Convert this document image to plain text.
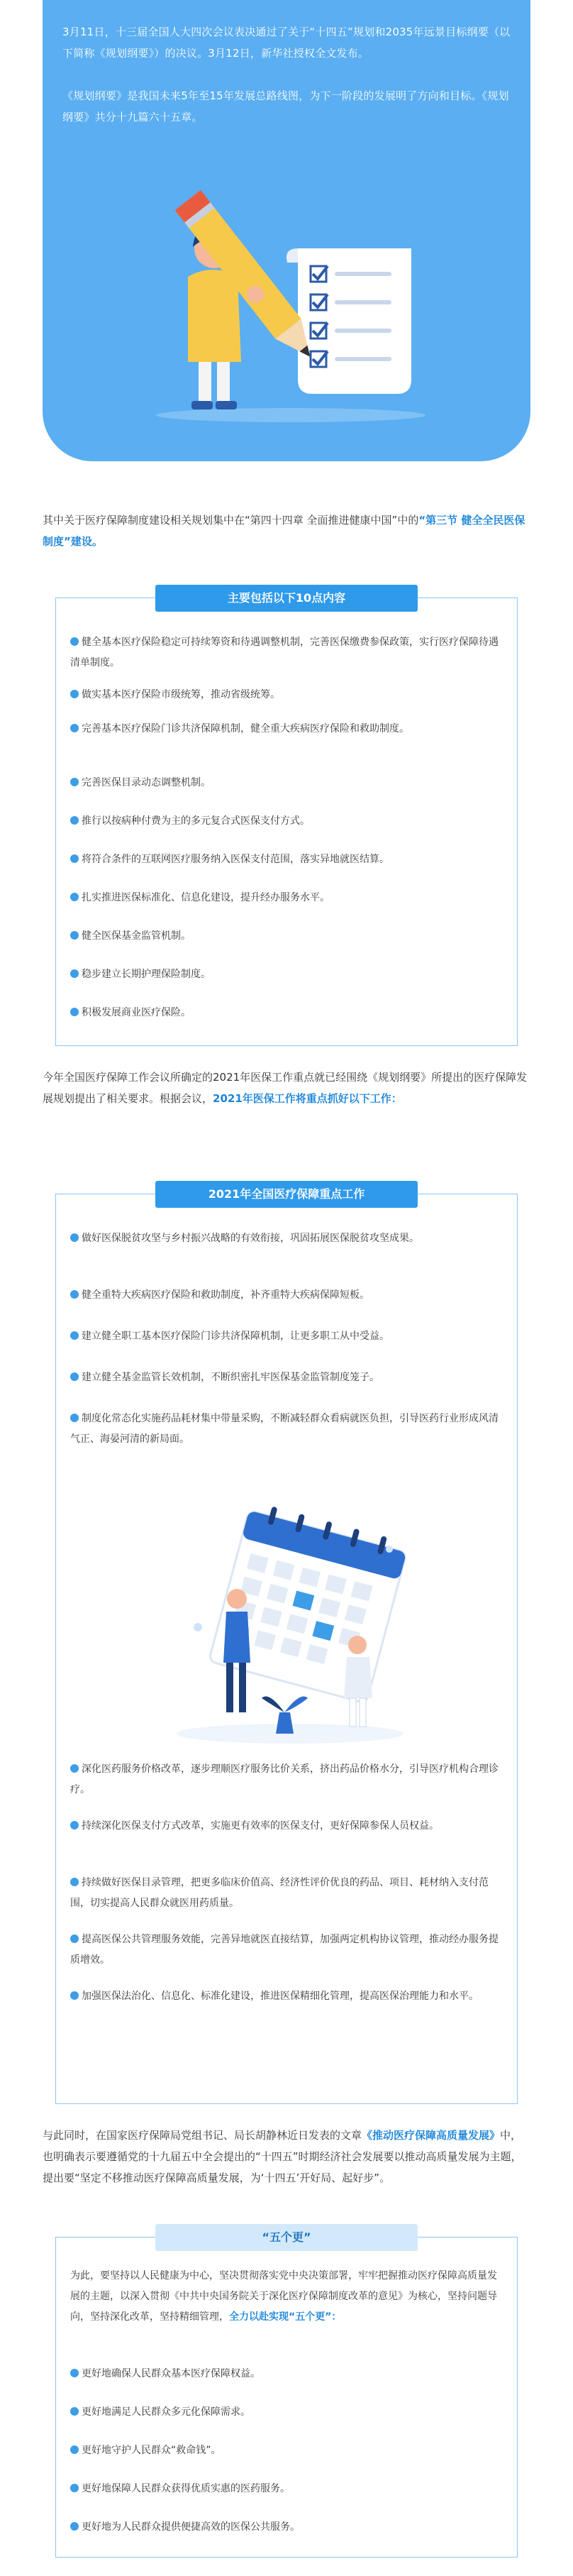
3月11日，十三届全国人大四次会议表决通过了关于“十四五”规划和2035年远景目标纲要（以下简称《规划纲要》）的决议。3月12日，新华社授权全文发布。

《规划纲要》是我国未来5年至15年发展总路线图，为下一阶段的发展明了方向和目标。《规划纲要》共分十九篇六十五章。

其中关于医疗保障制度建设相关规划集中在“第四十四章 全面推进健康中国”中的“第三节 健全全民医保制度”建设。

主要包括以下10点内容
健全基本医疗保险稳定可持续筹资和待遇调整机制，完善医保缴费参保政策，实行医疗保障待遇清单制度。
做实基本医疗保险市级统筹，推动省级统筹。
完善基本医疗保险门诊共济保障机制，健全重大疾病医疗保险和救助制度。
完善医保目录动态调整机制。
推行以按病种付费为主的多元复合式医保支付方式。
将符合条件的互联网医疗服务纳入医保支付范围，落实异地就医结算。
扎实推进医保标准化、信息化建设，提升经办服务水平。
健全医保基金监管机制。
稳步建立长期护理保险制度。
积极发展商业医疗保险。

今年全国医疗保障工作会议所确定的2021年医保工作重点就已经围绕《规划纲要》所提出的医疗保障发展规划提出了相关要求。根据会议，2021年医保工作将重点抓好以下工作：

2021年全国医疗保障重点工作
做好医保脱贫攻坚与乡村振兴战略的有效衔接，巩固拓展医保脱贫攻坚成果。
健全重特大疾病医疗保险和救助制度，补齐重特大疾病保障短板。
建立健全职工基本医疗保险门诊共济保障机制，让更多职工从中受益。
建立健全基金监管长效机制，不断织密扎牢医保基金监管制度笼子。
制度化常态化实施药品耗材集中带量采购，不断减轻群众看病就医负担，引导医药行业形成风清气正、海晏河清的新局面。
深化医药服务价格改革，逐步理顺医疗服务比价关系，挤出药品价格水分，引导医疗机构合理诊疗。
持续深化医保支付方式改革，实施更有效率的医保支付，更好保障参保人员权益。
持续做好医保目录管理，把更多临床价值高、经济性评价优良的药品、项目、耗材纳入支付范围，切实提高人民群众就医用药质量。
提高医保公共管理服务效能，完善异地就医直接结算，加强两定机构协议管理，推动经办服务提质增效。
加强医保法治化、信息化、标准化建设，推进医保精细化管理，提高医保治理能力和水平。

与此同时，在国家医疗保障局党组书记、局长胡静林近日发表的文章《推动医疗保障高质量发展》中，也明确表示要遵循党的十九届五中全会提出的“十四五”时期经济社会发展要以推动高质量发展为主题，提出要“坚定不移推动医疗保障高质量发展，为‘十四五’开好局、起好步”。

“五个更”

为此，要坚持以人民健康为中心，坚决贯彻落实党中央决策部署，牢牢把握推动医疗保障高质量发展的主题，以深入贯彻《中共中央国务院关于深化医疗保障制度改革的意见》为核心，坚持问题导向，坚持深化改革，坚持精细管理，全力以赴实现“五个更”：

更好地确保人民群众基本医疗保障权益。
更好地满足人民群众多元化保障需求。
更好地守护人民群众“救命钱”。
更好地保障人民群众获得优质实惠的医药服务。
更好地为人民群众提供便捷高效的医保公共服务。
